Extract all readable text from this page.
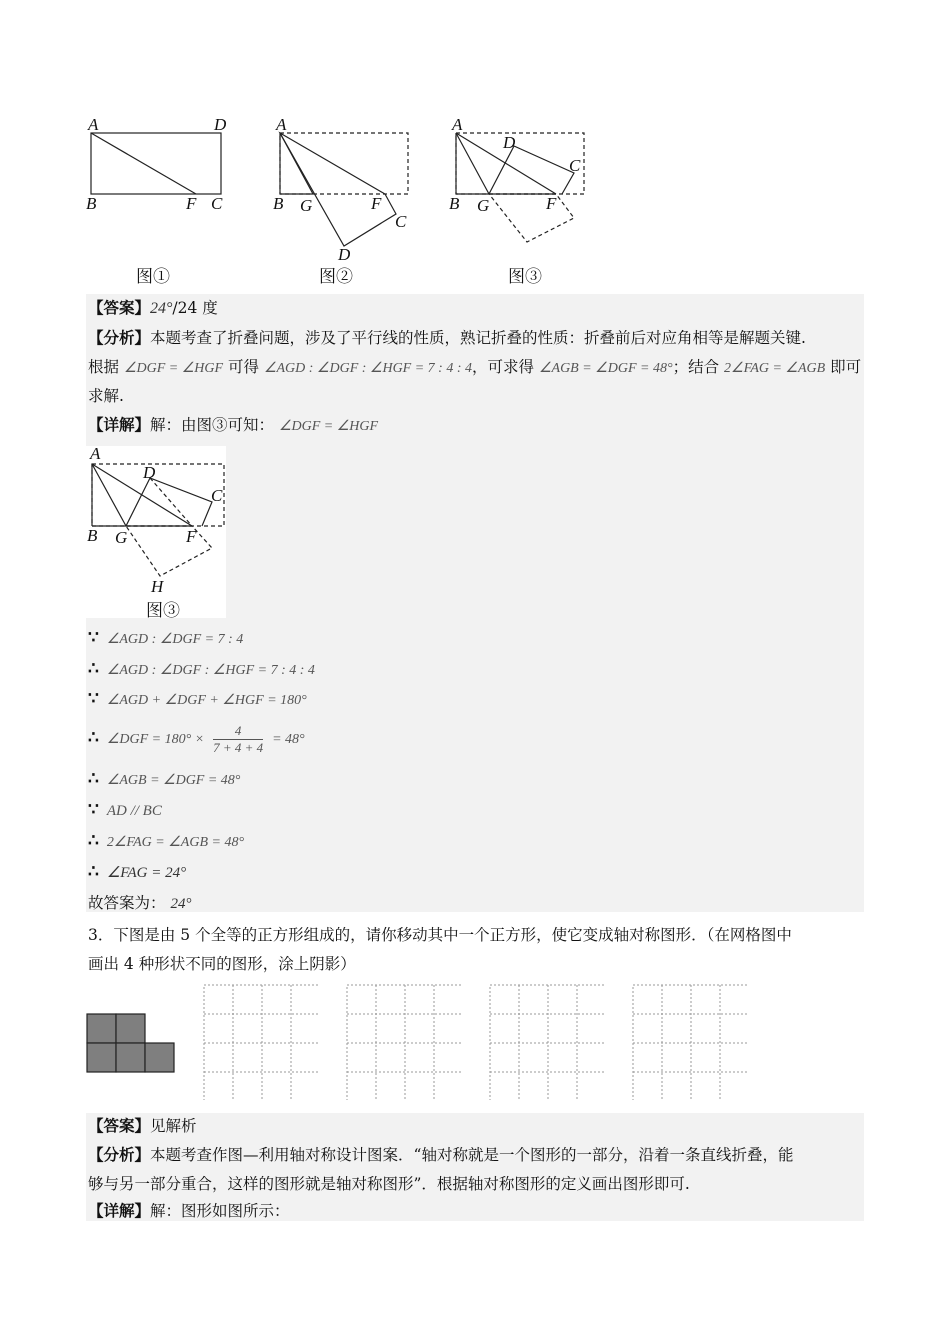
A	D
B	F C
图①
A
B G	F
C
D
图②
A
D
C
B G	F
图③
【答案】24°/24 度
【分析】本题考查了折叠问题，涉及了平行线的性质，熟记折叠的性质：折叠前后对应角相等是解题关键.
根据 ∠DGF = ∠HGF 可得 ∠AGD : ∠DGF : ∠HGF = 7 : 4 : 4，可求得 ∠AGB = ∠DGF = 48°；结合 2∠FAG = ∠AGB 即可
求解.
【详解】解：由图③可知： ∠DGF = ∠HGF
A
D
C
B G	F
H
图③
∵ ∠AGD : ∠DGF = 7 : 4
∴ ∠AGD : ∠DGF : ∠HGF = 7 : 4 : 4
∵ ∠AGD + ∠DGF + ∠HGF = 180°
∴ ∠DGF = $180^\circ \times \frac{4}{7 + 4 + 4} = 48^\circ$
∴ ∠AGB = ∠DGF = 48°
∵ AD // BC
∴ 2∠FAG = ∠AGB = 48°
∴ ∠FAG = 24°
故答案为： 24°
3．下图是由 5 个全等的正方形组成的，请你移动其中一个正方形，使它变成轴对称图形．（在网格图中
画出 4 种形状不同的图形，涂上阴影）
【答案】见解析
【分析】本题考查作图—利用轴对称设计图案．“轴对称就是一个图形的一部分，沿着一条直线折叠，能
够与另一部分重合，这样的图形就是轴对称图形”．根据轴对称图形的定义画出图形即可.
【详解】解：图形如图所示：
